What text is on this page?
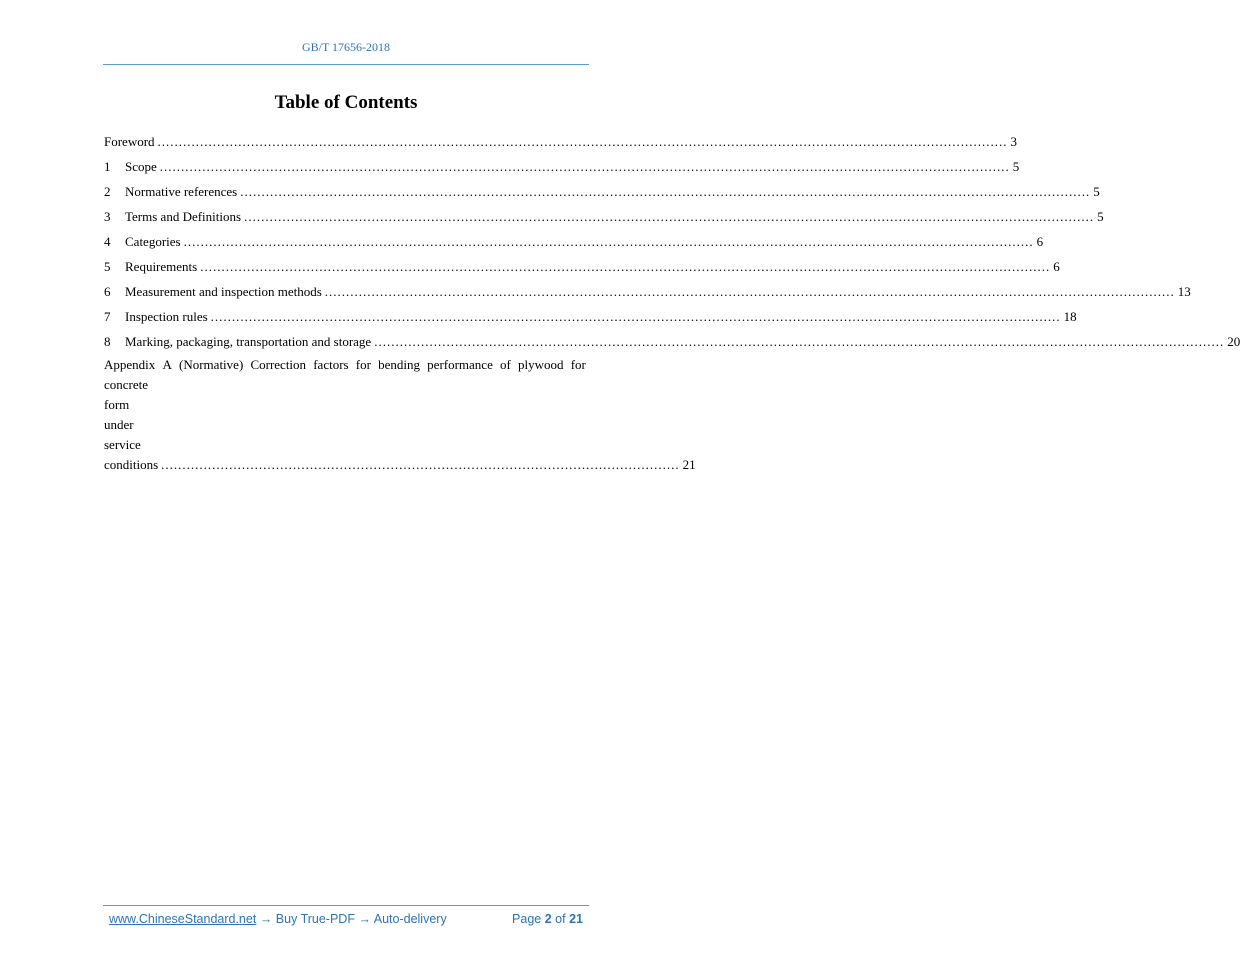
GB/T 17656-2018
Table of Contents
Foreword ........................................................................................................................................................................................................ 3
1	Scope ........................................................................................................................................................................................................ 5
2	Normative references ........................................................................................................................................................................................................ 5
3	Terms and Definitions ........................................................................................................................................................................................................ 5
4	Categories ........................................................................................................................................................................................................ 6
5	Requirements ........................................................................................................................................................................................................ 6
6	Measurement and inspection methods ........................................................................................................................................................................................................ 13
7	Inspection rules ........................................................................................................................................................................................................ 18
8	Marking, packaging, transportation and storage ........................................................................................................................................................................................................ 20
Appendix A (Normative) Correction factors for bending performance of plywood for
concrete form under service conditions .......................................................................................................................... 21
www.ChineseStandard.net → Buy True-PDF → Auto-delivery	Page 2 of 21
